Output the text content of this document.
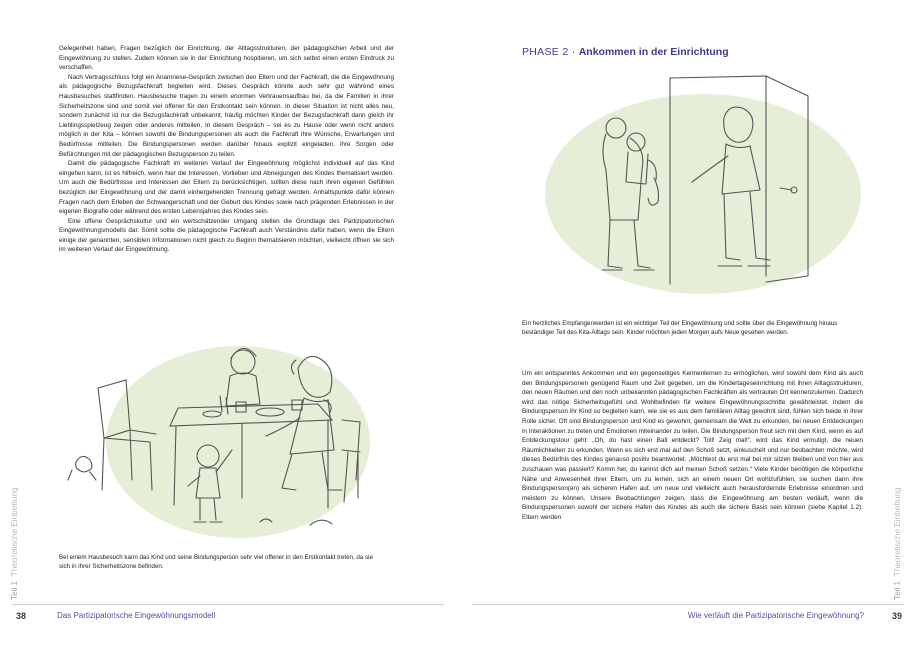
Gelegenheit haben, Fragen bezüglich der Einrichtung, der Alltagsstrukturen, der pädagogischen Arbeit und der Eingewöhnung zu stellen. Zudem können sie in der Einrichtung hospitieren, um sich selbst einen ersten Eindruck zu verschaffen.

Nach Vertragsschluss folgt ein Anamnese-Gespräch zwischen den Eltern und der Fachkraft, die die Eingewöhnung als pädagogische Bezugsfachkraft begleiten wird. Dieses Gespräch könnte auch sehr gut während eines Hausbesuches stattfinden. Hausbesuche tragen zu einem enormen Vertrauensaufbau bei, da die Familien in ihrer Sicherheitszone sind und somit viel offener für den Erstkontakt sein können. In dieser Situation ist nicht alles neu, sondern zunächst ist nur die Bezugsfachkraft unbekannt, häufig möchten Kinder der Bezugsfachkraft dann gleich ihr Lieblingsspielzeug zeigen oder anderes mitteilen. In diesem Gespräch – sei es zu Hause oder wenn nicht anders möglich in der Kita – können sowohl die Bindungspersonen als auch die Fachkraft ihre Wünsche, Erwartungen und Bedürfnisse mitteilen. Die Bindungspersonen werden darüber hinaus explizit eingeladen, ihre Sorgen oder Befürchtungen mit der pädagogischen Bezugsperson zu teilen.

Damit die pädagogische Fachkraft im weiteren Verlauf der Eingewöhnung möglichst individuell auf das Kind eingehen kann, ist es hilfreich, wenn hier die Interessen, Vorlieben und Abneigungen des Kindes thematisiert werden. Um auch die Bedürfnisse und Interessen der Eltern zu berücksichtigen, sollten diese nach ihren eigenen Gefühlen bezüglich der Eingewöhnung und der damit einhergehenden Trennung gefragt werden. Anhaltspunkte dafür können Fragen nach dem Erleben der Schwangerschaft und der Geburt des Kindes sowie nach prägenden Erlebnissen in der eigenen Biografie oder während des ersten Lebensjahres des Kindes sein.

Eine offene Gesprächskultur und ein wertschätzender Umgang stellen die Grundlage des Partizipatorischen Eingewöhnungsmodells dar. Somit sollte die pädagogische Fachkraft auch Verständnis dafür haben, wenn die Eltern einige der genannten, sensiblen Informationen nicht gleich zu Beginn thematisieren möchten, vielleicht öffnen sie sich im weiteren Verlauf der Eingewöhnung.

Bei einem Hausbesuch kann das Kind und seine Bindungsperson sehr viel offener in den Erstkontakt treten, da sie sich in ihrer Sicherheitszone befinden.
Teil 1  Theoretische Einbettung
38	Das Partizipatorische Eingewöhnungsmodell
PHASE 2 · Ankommen in der Einrichtung
Ein herzliches Empfangenwerden ist ein wichtiger Teil der Eingewöhnung und sollte über die Eingewöhnung hinaus beständiger Teil des Kita-Alltags sein. Kinder möchten jeden Morgen aufs Neue gesehen werden.

Um ein entspanntes Ankommen und ein gegenseitiges Kennenlernen zu ermöglichen, wird sowohl dem Kind als auch den Bindungspersonen genügend Raum und Zeit gegeben, um die Kindertageseinrichtung mit ihren Alltagsstrukturen, den neuen Räumen und den noch unbekannten pädagogischen Fachkräften als vertrauten Ort kennenzulernen. Dadurch wird das nötige Sicherheitsgefühl und Wohlbefinden für weitere Eingewöhnungsschritte gewährleistet. Indem die Bindungsperson ihr Kind so begleiten kann, wie sie es aus dem familiären Alltag gewohnt sind, fühlen sich beide in ihrer Rolle sicher. Oft sind Bindungsperson und Kind es gewohnt, gemeinsam die Welt zu erkunden, bei neuen Entdeckungen in Interaktionen zu treten und Emotionen miteinander zu teilen. Die Bindungsperson freut sich mit dem Kind, wenn es auf Entdeckungstour geht: „Oh, du hast einen Ball entdeckt? Toll! Zeig mal!“, wird das Kind ermutigt, die neuen Räumlichkeiten zu erkunden. Wenn es sich erst mal auf den Schoß setzt, einkuschelt und nur beobachten möchte, wird dieses Bedürfnis des Kindes genauso positiv beantwortet. „Möchtest du erst mal bei mir sitzen bleiben und von hier aus zuschauen was passiert? Komm her, du kannst dich auf meinen Schoß setzen.“ Viele Kinder benötigen die körperliche Nähe und Anwesenheit ihrer Eltern, um zu lernen, sich an einem neuen Ort wohlzufühlen, sie suchen dann ihre Bindungsperson(en) als sicheren Hafen auf, um neue und vielleicht auch herausfordernde Erlebnisse einordnen und meistern zu können. Unsere Beobachtungen zeigen, dass die Eingewöhnung am besten verläuft, wenn die Bindungspersonen sowohl der sichere Hafen des Kindes als auch die sichere Basis sein können (siehe Kapitel 1.2). Eltern werden

Teil 1  Theoretische Einbettung
Wie verläuft die Partizipatorische Eingewöhnung?	39
